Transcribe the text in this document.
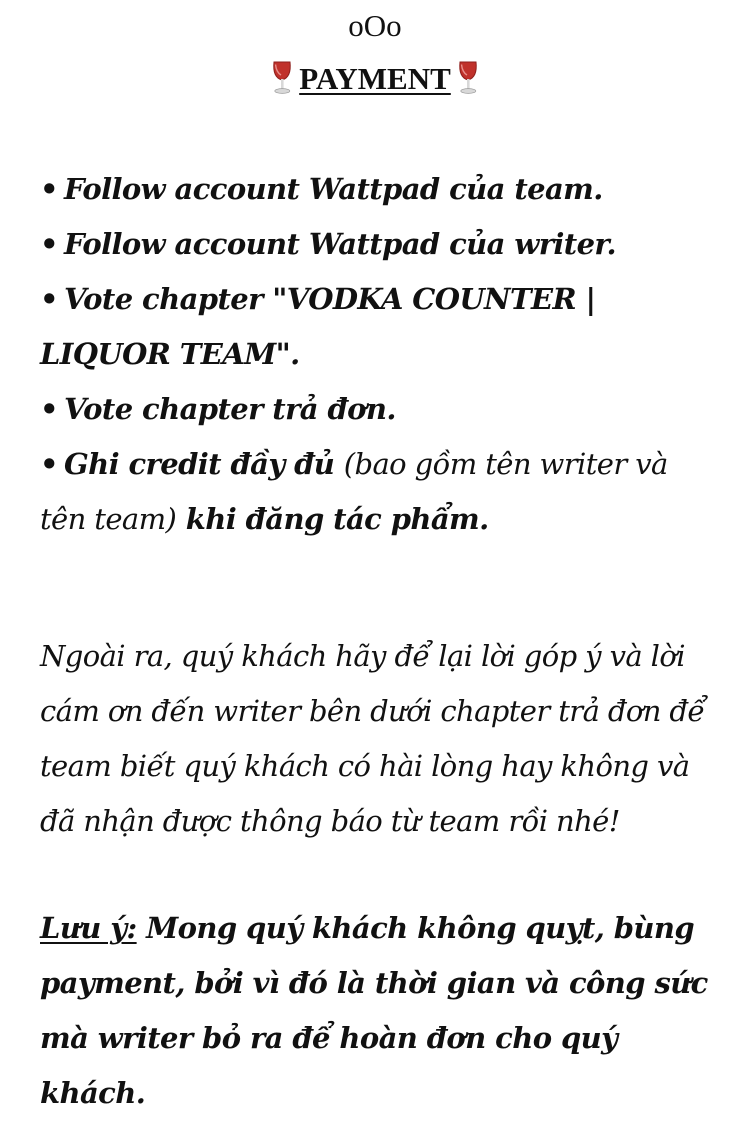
oOo
PAYMENT
• Follow account Wattpad của team.
• Follow account Wattpad của writer.
• Vote chapter "VODKA COUNTER | LIQUOR TEAM".
• Vote chapter trả đơn.
• Ghi credit đầy đủ (bao gồm tên writer và tên team) khi đăng tác phẩm.

Ngoài ra, quý khách hãy để lại lời góp ý và lời cám ơn đến writer bên dưới chapter trả đơn để team biết quý khách có hài lòng hay không và đã nhận được thông báo từ team rồi nhé!

Lưu ý: Mong quý khách không quỵt, bùng payment, bởi vì đó là thời gian và công sức mà writer bỏ ra để hoàn đơn cho quý khách.
